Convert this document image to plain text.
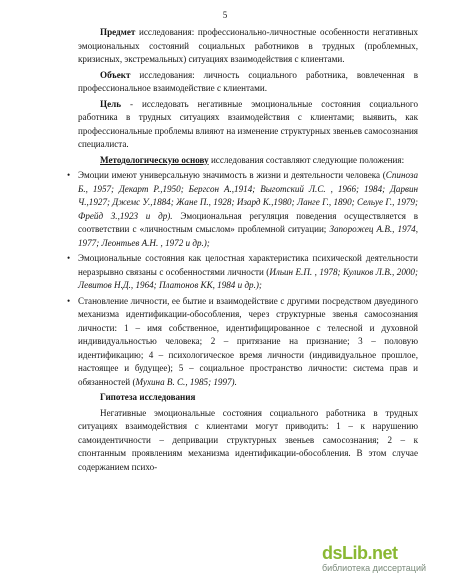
5

Предмет исследования: профессионально-личностные особенности негативных эмоциональных состояний социальных работников в трудных (проблемных, кризисных, экстремальных) ситуациях взаимодействия с клиентами.

Объект исследования: личность социального работника, вовлеченная в профессиональное взаимодействие с клиентами.

Цель - исследовать негативные эмоциональные состояния социального работника в трудных ситуациях взаимодействия с клиентами; выявить, как профессиональные проблемы влияют на изменение структурных звеньев самосознания специалиста.

Методологическую основу исследования составляют следующие положения:

• Эмоции имеют универсальную значимость в жизни и деятельности человека (Спиноза Б., 1957; Декарт Р.,1950; Бергсон А.,1914; Выготский Л.С. , 1966; 1984; Дарвин Ч.,1927; Джемс У.,1884; Жане П., 1928; Изард К.,1980; Ланге Г., 1890; Сельye Г., 1979; Фрейд З.,1923 и др). Эмоциональная регуляция поведения осуществляется в соответствии с «личностным смыслом» проблемной ситуации; Запорожец А.В., 1974, 1977; Леонтьев А.Н. , 1972 и др.);
• Эмоциональные состояния как целостная характеристика психической деятельности неразрывно связаны с особенностями личности (Ильин Е.П. , 1978; Куликов Л.В., 2000; Левитов Н.Д., 1964; Платонов КК, 1984 и др.);
• Становление личности, ее бытие и взаимодействие с другими посредством двуединого механизма идентификации-обособления, через структурные звенья самосознания личности: 1 – имя собственное, идентифицированное с телесной и духовной индивидуальностью человека; 2 – притязание на признание; 3 – половую идентификацию; 4 – психологическое время личности (индивидуальное прошлое, настоящее и будущее); 5 – социальное пространство личности: система прав и обязанностей (Мухина В. С., 1985; 1997).

Гипотеза исследования

Негативные эмоциональные состояния социального работника в трудных ситуациях взаимодействия с клиентами могут приводить: 1 – к нарушению самоидентичности – депривации структурных звеньев самосознания; 2 – к спонтанным проявлениям механизма идентификации-обособления. В этом случае содержанием психо-

dsLib.net
библиотека диссертаций
